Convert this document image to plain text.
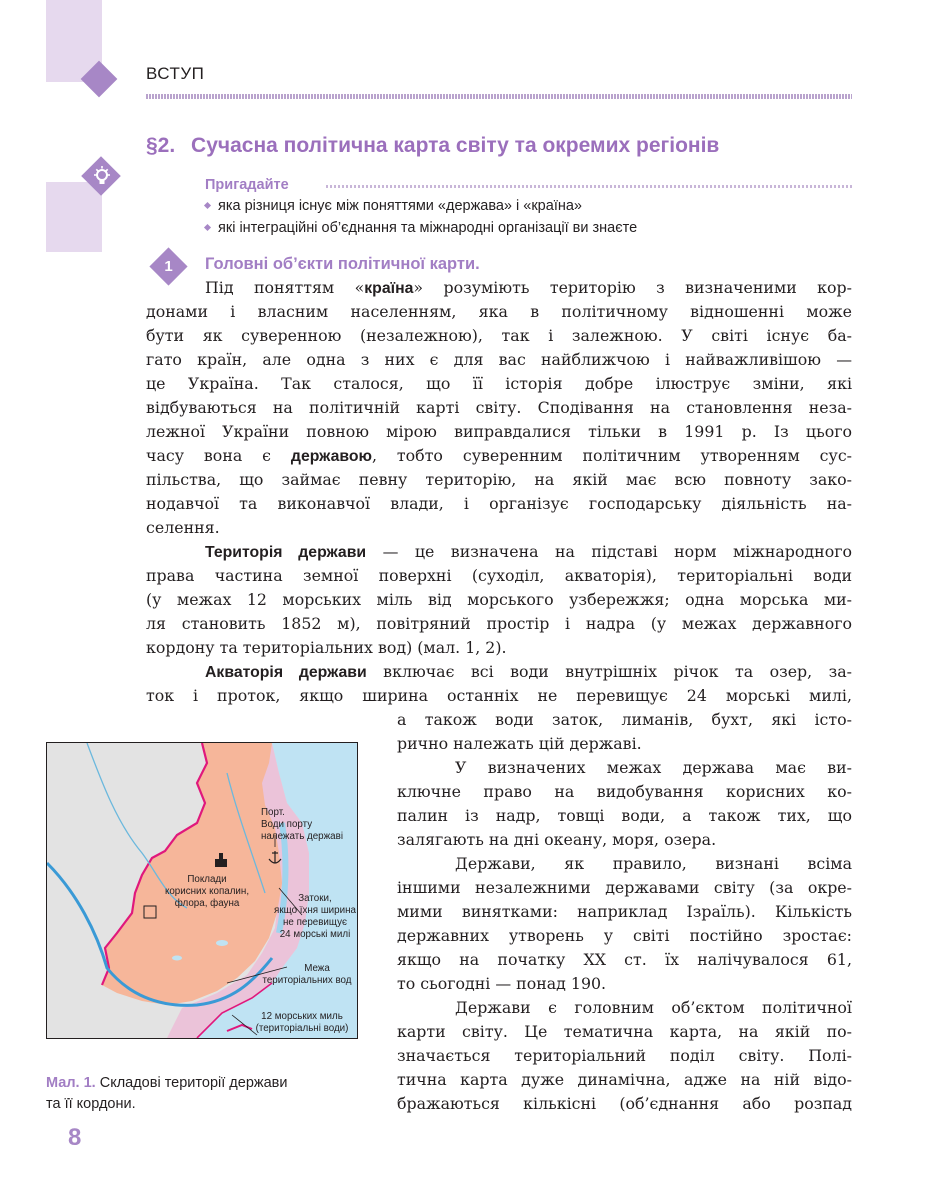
ВСТУП
§2. Сучасна політична карта світу та окремих регіонів
Пригадайте
яка різниця існує між поняттями «держава» і «країна»
які інтеграційні об’єднання та міжнародні організації ви знаєте
1	Головні об’єкти політичної карти.
Під поняттям «країна» розуміють територію з визначеними кор-
донами і власним населенням, яка в політичному відношенні може
бути як суверенною (незалежною), так і залежною. У світі існує ба-
гато країн, але одна з них є для вас найближчою і найважливішою —
це Україна. Так сталося, що її історія добре ілюструє зміни, які
відбуваються на політичній карті світу. Сподівання на становлення неза-
лежної України повною мірою виправдалися тільки в 1991 р. Із цього
часу вона є державою, тобто суверенним політичним утворенням сус-
пільства, що займає певну територію, на якій має всю повноту зако-
нодавчої та виконавчої влади, і організує господарську діяльність на-
селення.
Територія держави — це визначена на підставі норм міжнародного
права частина земної поверхні (суходіл, акваторія), територіальні води
(у межах 12 морських міль від морського узбережжя; одна морська ми-
ля становить 1852 м), повітряний простір і надра (у межах державного
кордону та територіальних вод) (мал. 1, 2).
Акваторія держави включає всі води внутрішніх річок та озер, за-
ток і проток, якщо ширина останніх не перевищує 24 морські милі,
а також води заток, лиманів, бухт, які істо-
рично належать цій державі.
У визначених межах держава має ви-
ключне право на видобування корисних ко-
палин із надр, товщі води, а також тих, що
залягають на дні океану, моря, озера.
Держави, як правило, визнані всіма
іншими незалежними державами світу (за окре-
мими винятками: наприклад Ізраїль). Кількість
державних утворень у світі постійно зростає:
якщо на початку XX ст. їх налічувалося 61,
то сьогодні — понад 190.
Держави є головним об’єктом політичної
карти світу. Це тематична карта, на якій по-
значається територіальний поділ світу. Полі-
тична карта дуже динамічна, адже на ній відо-
бражаються кількісні (об’єднання або розпад
Порт.
Води порту
належать державі
Поклади
корисних копалин,
флора, фауна	Затоки,
якщо їхня ширина
не перевищує
24 морські милі
Межа
територіальних вод
12 морських миль
(територіальні води)
Мал. 1. Складові території держави
та її кордони.
8
